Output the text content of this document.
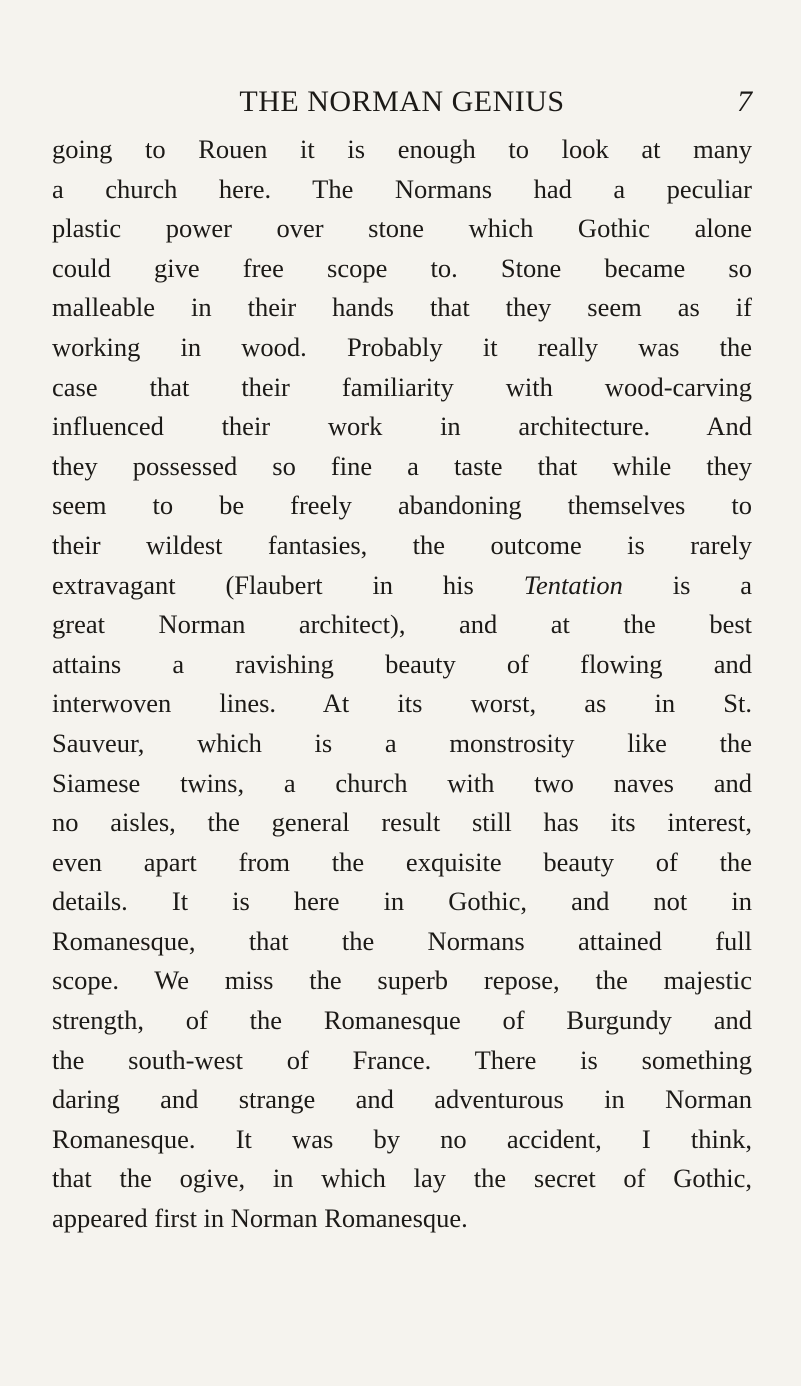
THE NORMAN GENIUS	7
going to Rouen it is enough to look at many
a church here. The Normans had a peculiar
plastic power over stone which Gothic alone
could give free scope to. Stone became so
malleable in their hands that they seem as if
working in wood. Probably it really was the
case that their familiarity with wood-carving
influenced their work in architecture. And
they possessed so fine a taste that while they
seem to be freely abandoning themselves to
their wildest fantasies, the outcome is rarely
extravagant (Flaubert in his Tentation is a
great Norman architect), and at the best
attains a ravishing beauty of flowing and
interwoven lines. At its worst, as in St.
Sauveur, which is a monstrosity like the
Siamese twins, a church with two naves and
no aisles, the general result still has its interest,
even apart from the exquisite beauty of the
details. It is here in Gothic, and not in
Romanesque, that the Normans attained full
scope. We miss the superb repose, the majestic
strength, of the Romanesque of Burgundy and
the south-west of France. There is something
daring and strange and adventurous in Norman
Romanesque. It was by no accident, I think,
that the ogive, in which lay the secret of Gothic,
appeared first in Norman Romanesque.
